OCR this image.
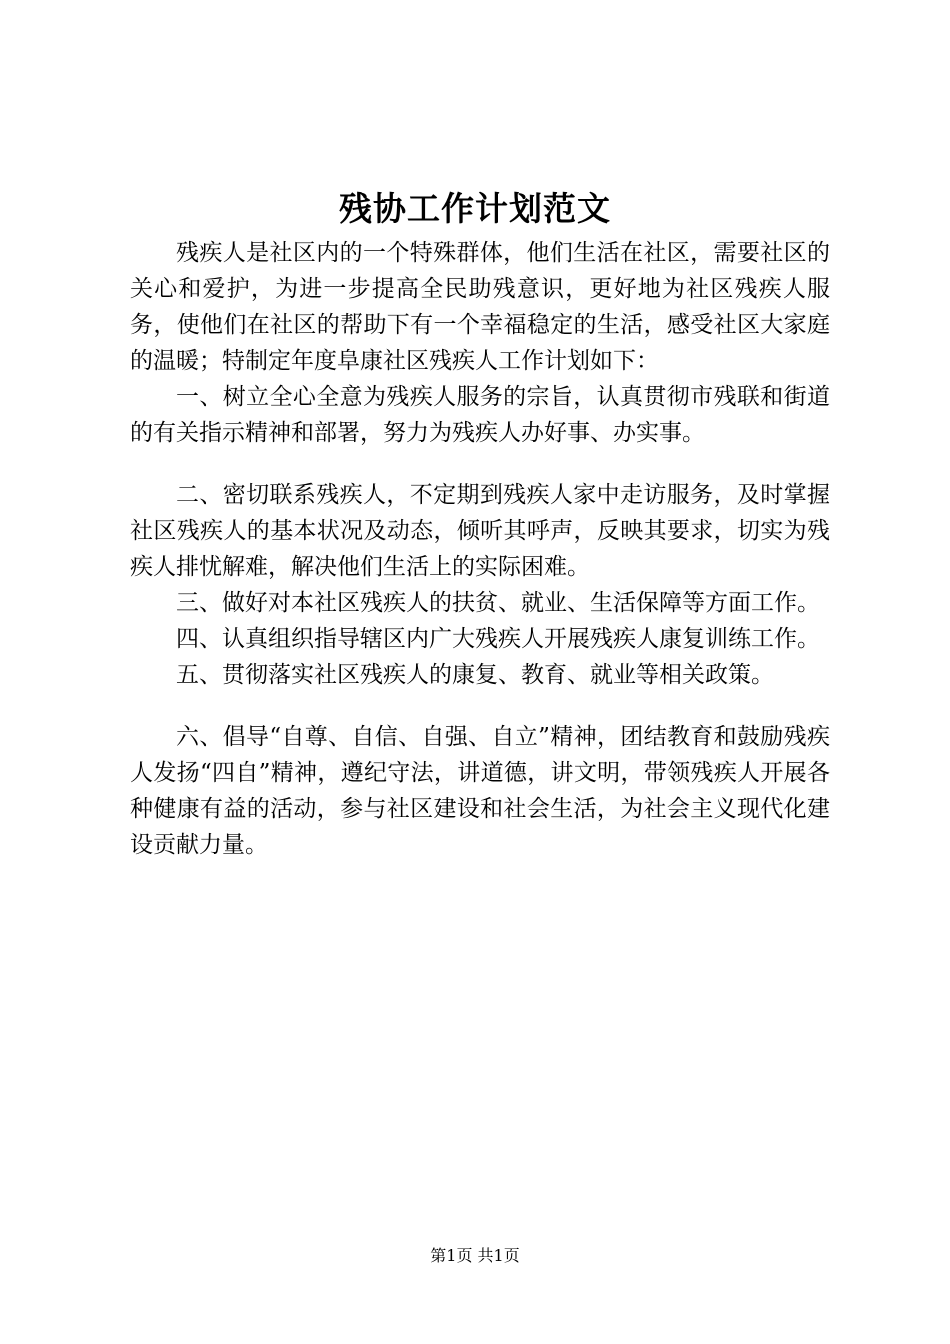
残协工作计划范文

残疾人是社区内的一个特殊群体，他们生活在社区，需要社区的关心和爱护，为进一步提高全民助残意识，更好地为社区残疾人服务，使他们在社区的帮助下有一个幸福稳定的生活，感受社区大家庭的温暖；特制定年度阜康社区残疾人工作计划如下：

一、树立全心全意为残疾人服务的宗旨，认真贯彻市残联和街道的有关指示精神和部署，努力为残疾人办好事、办实事。

二、密切联系残疾人，不定期到残疾人家中走访服务，及时掌握社区残疾人的基本状况及动态，倾听其呼声，反映其要求，切实为残疾人排忧解难，解决他们生活上的实际困难。

三、做好对本社区残疾人的扶贫、就业、生活保障等方面工作。

四、认真组织指导辖区内广大残疾人开展残疾人康复训练工作。

五、贯彻落实社区残疾人的康复、教育、就业等相关政策。

六、倡导“自尊、自信、自强、自立”精神，团结教育和鼓励残疾人发扬“四自”精神，遵纪守法，讲道德，讲文明，带领残疾人开展各种健康有益的活动，参与社区建设和社会生活，为社会主义现代化建设贡献力量。

第1页 共1页
